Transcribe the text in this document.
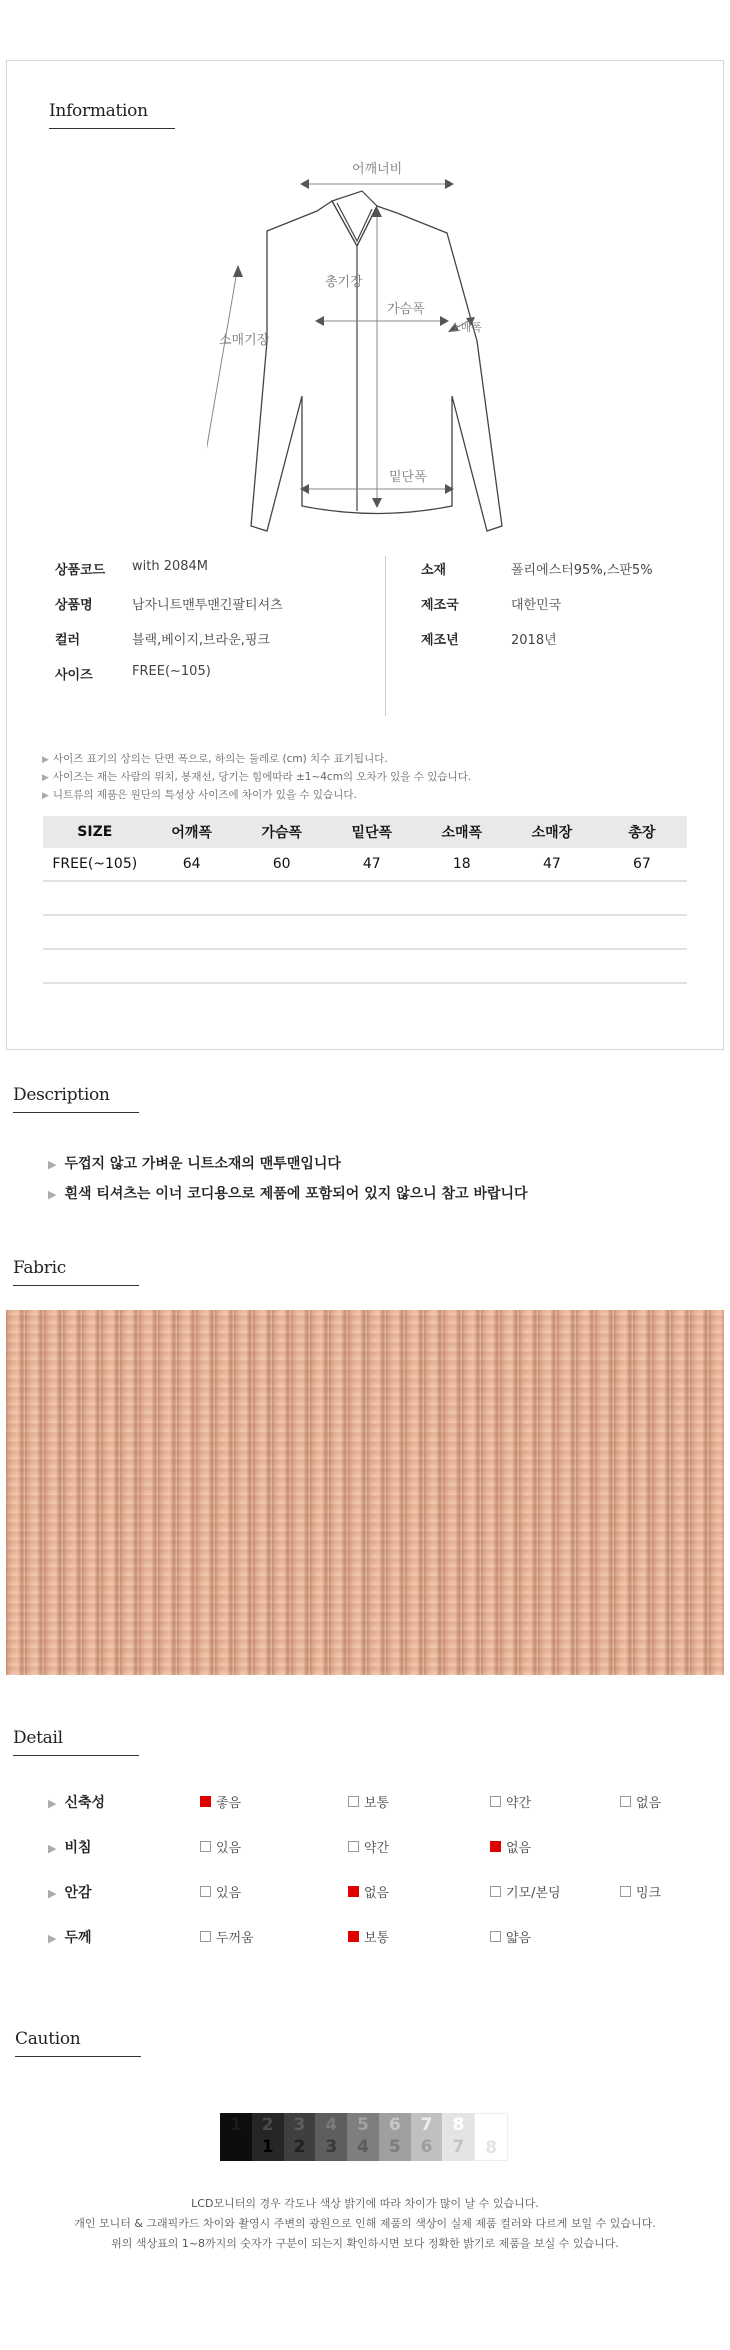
Information
어깨너비
총기장
가슴폭
소매기장
소매폭
밑단폭
상품코드 with 2084M
상품명	남자니트맨투맨긴팔티셔츠
컬러	블랙,베이지,브라운,핑크
사이즈	FREE(~105)
소재	폴리에스터95%,스판5%
제조국	대한민국
제조년	2018년
▶ 사이즈 표기의 상의는 단면 폭으로, 하의는 둘레로 (cm) 치수 표기됩니다.
▶ 사이즈는 재는 사람의 위치, 봉재선, 당기는 힘에따라 ±1~4cm의 오차가 있을 수 있습니다.
▶ 니트류의 제품은 원단의 특성상 사이즈에 차이가 있을 수 있습니다.
SIZE	어깨폭	가슴폭	밑단폭	소매폭	소매장	총장
FREE(~105)	64	60	47	18	47	67
Description
▶ 두껍지 않고 가벼운 니트소재의 맨투맨입니다
▶ 흰색 티셔츠는 이너 코디용으로 제품에 포함되어 있지 않으니 참고 바랍니다
Fabric
Detail
▶ 신축성	좋음	보통	약간	없음
▶ 비침	있음	약간	없음
▶ 안감	있음	없음	기모/본딩	밍크
▶ 두께	두꺼움	보통	얇음
Caution
1	2
1
3
2
4
3
5
4
6
5
7
6
8
7	8
LCD모니터의 경우 각도나 색상 밝기에 따라 차이가 많이 날 수 있습니다.
개인 모니터 & 그래픽카드 차이와 촬영시 주변의 광원으로 인해 제품의 색상이 실제 제품 컬러와 다르게 보일 수 있습니다.
위의 색상표의 1~8까지의 숫자가 구분이 되는지 확인하시면 보다 정확한 밝기로 제품을 보실 수 있습니다.
